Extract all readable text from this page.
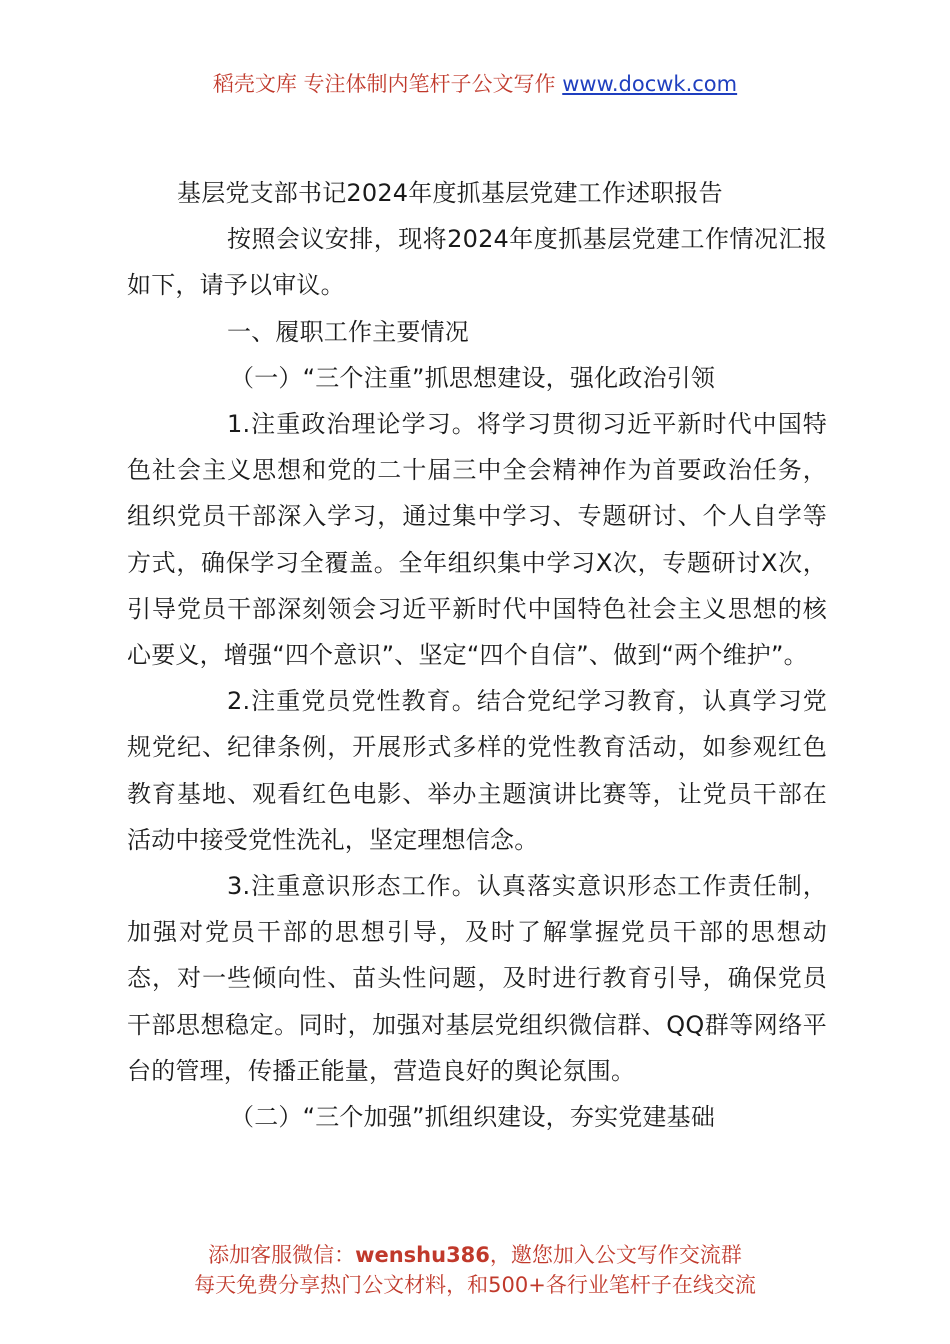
稻壳文库 专注体制内笔杆子公文写作 www.docwk.com

基层党支部书记2024年度抓基层党建工作述职报告

按照会议安排，现将2024年度抓基层党建工作情况汇报如下，请予以审议。

一、履职工作主要情况

（一）“三个注重”抓思想建设，强化政治引领

1.注重政治理论学习。将学习贯彻习近平新时代中国特色社会主义思想和党的二十届三中全会精神作为首要政治任务，组织党员干部深入学习，通过集中学习、专题研讨、个人自学等方式，确保学习全覆盖。全年组织集中学习X次，专题研讨X次，引导党员干部深刻领会习近平新时代中国特色社会主义思想的核心要义，增强“四个意识”、坚定“四个自信”、做到“两个维护”。

2.注重党员党性教育。结合党纪学习教育，认真学习党规党纪、纪律条例，开展形式多样的党性教育活动，如参观红色教育基地、观看红色电影、举办主题演讲比赛等，让党员干部在活动中接受党性洗礼，坚定理想信念。

3.注重意识形态工作。认真落实意识形态工作责任制，加强对党员干部的思想引导，及时了解掌握党员干部的思想动态，对一些倾向性、苗头性问题，及时进行教育引导，确保党员干部思想稳定。同时，加强对基层党组织微信群、QQ群等网络平台的管理，传播正能量，营造良好的舆论氛围。

（二）“三个加强”抓组织建设，夯实党建基础

添加客服微信：wenshu386，邀您加入公文写作交流群
每天免费分享热门公文材料，和500+各行业笔杆子在线交流
